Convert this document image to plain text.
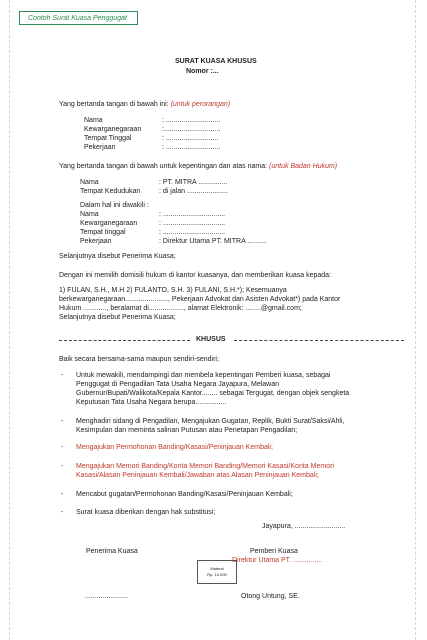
Contoh Surat Kuasa Penggugat
SURAT KUASA KHUSUS
Nomor :...
Yang bertanda tangan di bawah ini: (untuk perorangan)
Nama	: ............................
Kewarganegaraan	:.............................
Tempat Tinggal	: ...........................
Pekerjaan	: ............................
Yang bertanda tangan di bawah untuk kepentingan dan atas nama: (untuk Badan Hukum)
Nama	: PT. MITRA ...............
Tempat Kedudukan	: di jalan .....................
Dalam hal ini diwakili :
Nama	: ................................
Kewarganegaraan	: ................................
Tempat tinggal	: ................................
Pekerjaan	: Direktur Utama PT. MITRA ..........
Selanjutnya disebut Penerima Kuasa;
Dengan ini memilih domisili hukum di kantor kuasanya, dan memberikan kuasa kepada:
1) FULAN, S.H., M.H 2) FULANTO, S.H. 3) FULANI, S.H.*); Kesemuanya
berkewarganegaraan......................, Pekerjaan Advokat dan Asisten Advokat*) pada Kantor
Hukum ............, beralamat di.................., alamat Elektronik: ........@gmail.com;
Selanjutnya disebut Penerima Kuasa;
KHUSUS
Baik secara bersama-sama maupun sendiri-sendiri;
- Untuk mewakili, mendampingi dan membela kepentingan Pemberi kuasa, sebagai
Penggugat di Pengadilan Tata Usaha Negara Jayapura, Melawan
Gubernur/Bupati/Walikota/Kepala Kantor........ sebagai Tergugat, dengan objek sengketa
Keputusan Tata Usaha Negara berupa................
- Menghadiri sidang di Pengadilan, Mengajukan Gugatan, Replik, Bukti Surat/Saksi/Ahli,
Kesimpulan dan meminta salinan Putusan atau Penetapan Pengadilan;
- Mengajukan Permohonan Banding/Kasasi/Peninjauan Kembali;
- Mengajukan Memori Banding/Konta Memori Banding/Memori Kasasi/Konta Memori
Kasasi/Alasan Peninjauan Kembali/Jawaban atas Alasan Peninjauan Kembali;
- Mencabut gugatan/Permohonan Banding/Kasasi/Peninjauan Kembali;
- Surat kuasa diberikan dengan hak substitusi;
Jayapura, ..........................
Penerima Kuasa	Pemberi Kuasa
Direktur Utama PT. ...............
Materai
Rp. 10.000
......................	Otong Untung, SE.
